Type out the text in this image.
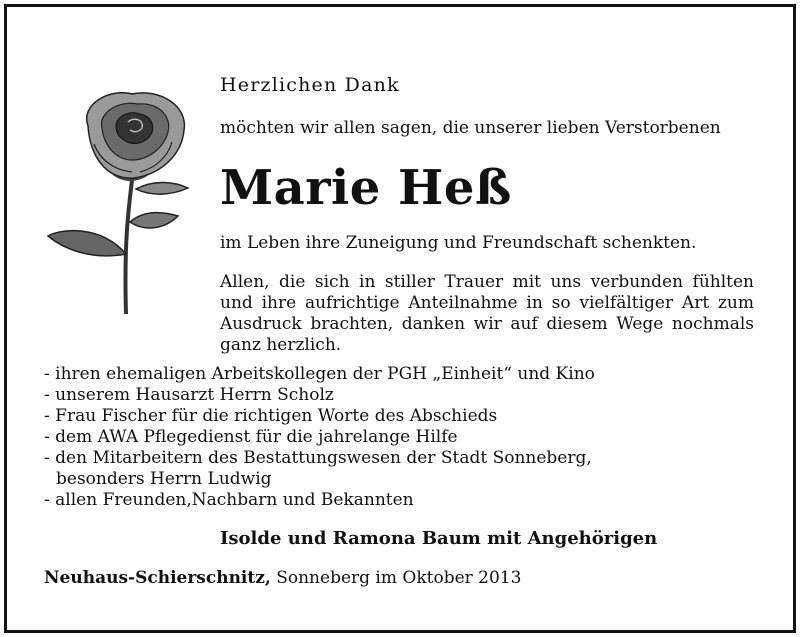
Herzlichen Dank
möchten wir allen sagen, die unserer lieben Verstorbenen
Marie Heß
im Leben ihre Zuneigung und Freundschaft schenkten.

Allen, die sich in stiller Trauer mit uns verbunden fühlten und ihre aufrichtige Anteilnahme in so vielfältiger Art zum Ausdruck brachten, danken wir auf diesem Wege nochmals ganz herzlich.

- ihren ehemaligen Arbeitskollegen der PGH „Einheit“ und Kino
- unserem Hausarzt Herrn Scholz
- Frau Fischer für die richtigen Worte des Abschieds
- dem AWA Pflegedienst für die jahrelange Hilfe
- den Mitarbeitern des Bestattungswesen der Stadt Sonneberg,
besonders Herrn Ludwig
- allen Freunden,Nachbarn und Bekannten
Isolde und Ramona Baum mit Angehörigen
Neuhaus-Schierschnitz, Sonneberg im Oktober 2013
